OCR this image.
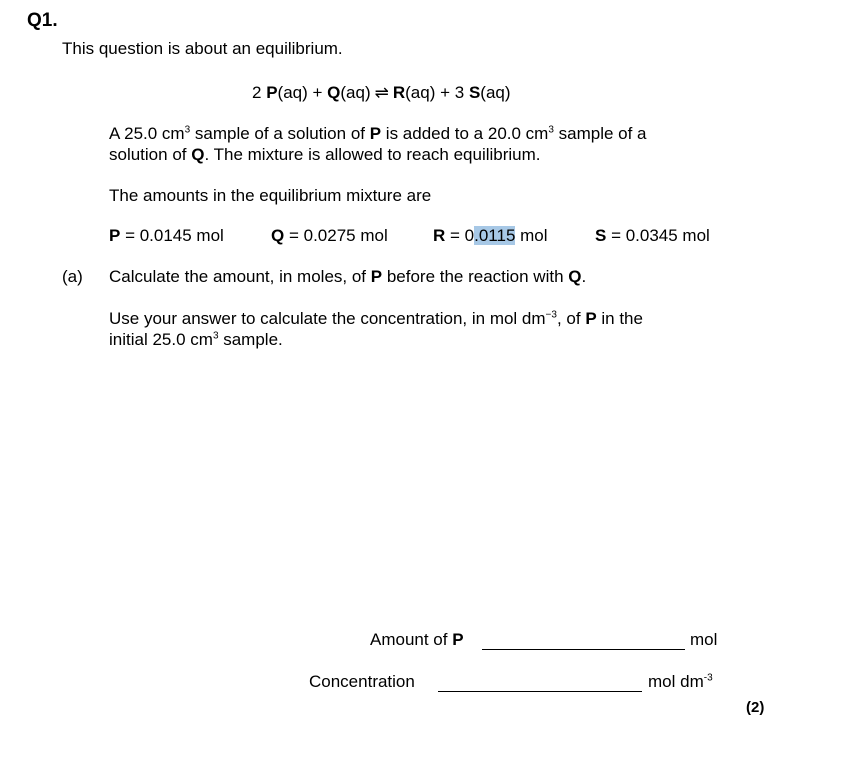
Q1.
This question is about an equilibrium.
2 P(aq) + Q(aq) ⇌ R(aq) + 3 S(aq)
A 25.0 $cm^3$ sample of a solution of P is added to a 20.0 $cm^3$ sample of a
solution of Q. The mixture is allowed to reach equilibrium.
The amounts in the equilibrium mixture are
P = 0.0145 mol	Q = 0.0275 mol	R = 0.0115 mol	S = 0.0345 mol
(a) Calculate the amount, in moles, of P before the reaction with Q.
Use your answer to calculate the concentration, in mol $dm^{-3}$, of P in the
initial 25.0 $cm^3$ sample.
Amount of P	mol
Concentration	mol $dm^{-3}$
(2)
